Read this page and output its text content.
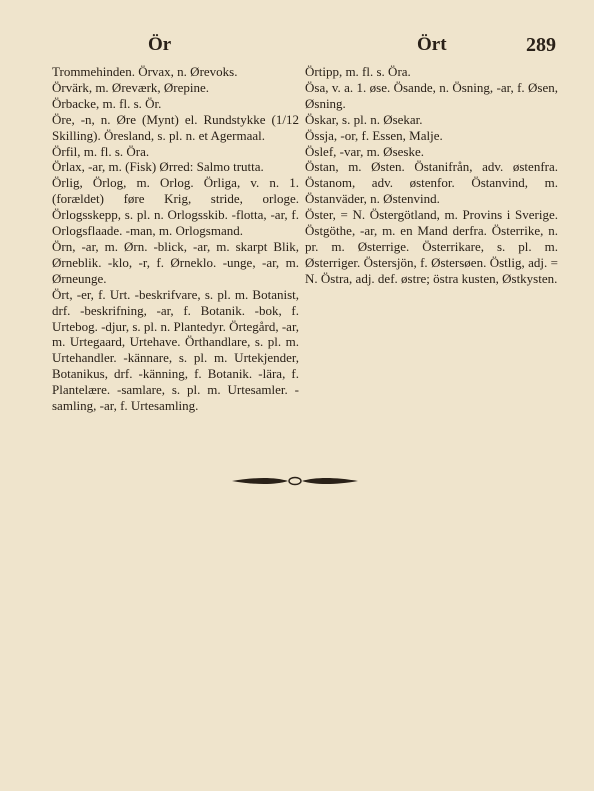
Ör	Ört	289

Trommehinden. Örvax, n. Ørevoks.

Örvärk, m. Øreværk, Ørepine.

Örbacke, m. fl. s. Ör.

Öre, -n, n. Øre (Mynt) el. Rundstykke (1/12 Skilling). Öresland, s. pl. n. et Agermaal.

Örfil, m. fl. s. Öra.

Örlax, -ar, m. (Fisk) Ørred: Salmo trutta.

Örlig, Örlog, m. Orlog. Örliga, v. n. 1. (forældet) føre Krig, stride, orloge. Örlogsskepp, s. pl. n. Orlogsskib. -flotta, -ar, f. Orlogsflaade. -man, m. Orlogsmand.

Örn, -ar, m. Ørn. -blick, -ar, m. skarpt Blik, Ørneblik. -klo, -r, f. Ørneklo. -unge, -ar, m. Ørneunge.

Ört, -er, f. Urt. -beskrifvare, s. pl. m. Botanist, drf. -beskrifning, -ar, f. Botanik. -bok, f. Urtebog. -djur, s. pl. n. Plantedyr. Örtegård, -ar, m. Urtegaard, Urtehave. Örthandlare, s. pl. m. Urtehandler. -kännare, s. pl. m. Urtekjender, Botanikus, drf. -känning, f. Botanik. -lära, f. Plantelære. -samlare, s. pl. m. Urtesamler. -samling, -ar, f. Urtesamling.

Örtipp, m. fl. s. Öra.

Ösa, v. a. 1. øse. Ösande, n. Ösning, -ar, f. Øsen, Øsning.

Öskar, s. pl. n. Øsekar.

Össja, -or, f. Essen, Malje.

Öslef, -var, m. Øseske.

Östan, m. Østen. Östanifrån, adv. østenfra. Östanom, adv. østenfor. Östanvind, m. Östanväder, n. Østenvind.

Öster, = N. Östergötland, m. Provins i Sverige. Östgöthe, -ar, m. en Mand derfra. Österrike, n. pr. m. Østerrige. Österrikare, s. pl. m. Østerriger. Östersjön, f. Østersøen. Östlig, adj. = N. Östra, adj. def. østre; östra kusten, Østkysten.
